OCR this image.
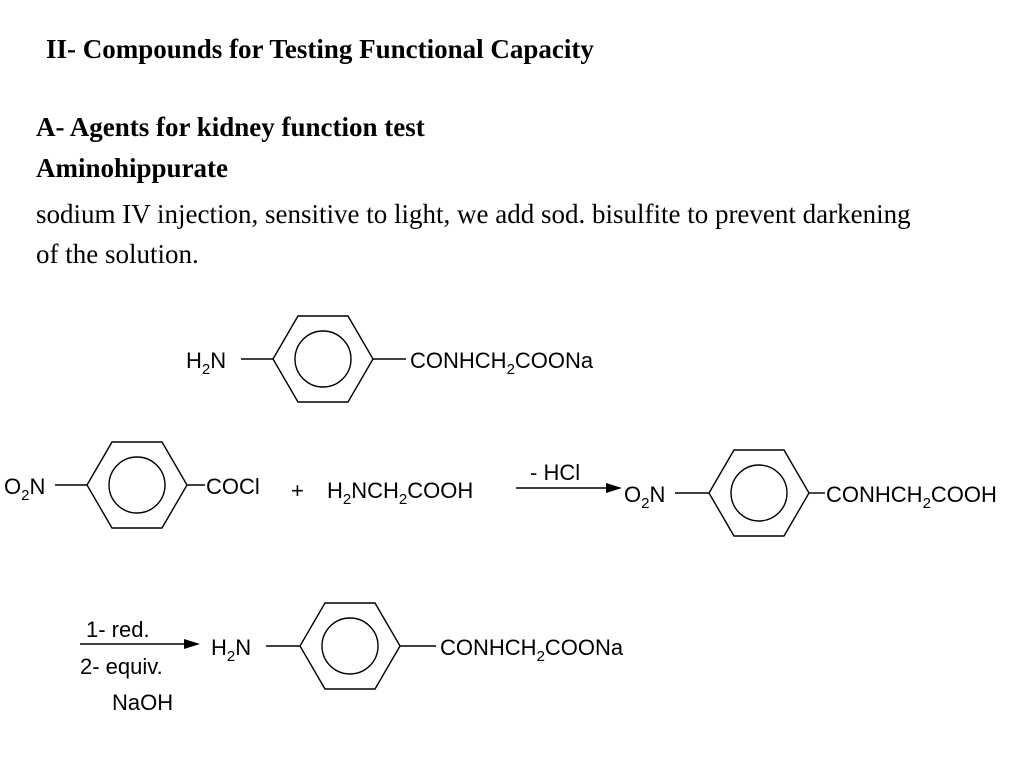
II- Compounds for Testing Functional Capacity
A- Agents for kidney function test
Aminohippurate

sodium IV injection, sensitive to light, we add sod. bisulfite to prevent darkening of the solution.

$H_2N$	$CONHCH_2COONa$
$O_2N$	COCl + $H_2NCH_2COOH$
- HCl
$O_2N$	$CONHCH_2COOH$
1- red.
2- equiv.
NaOH
$H_2N$	$CONHCH_2COONa$
